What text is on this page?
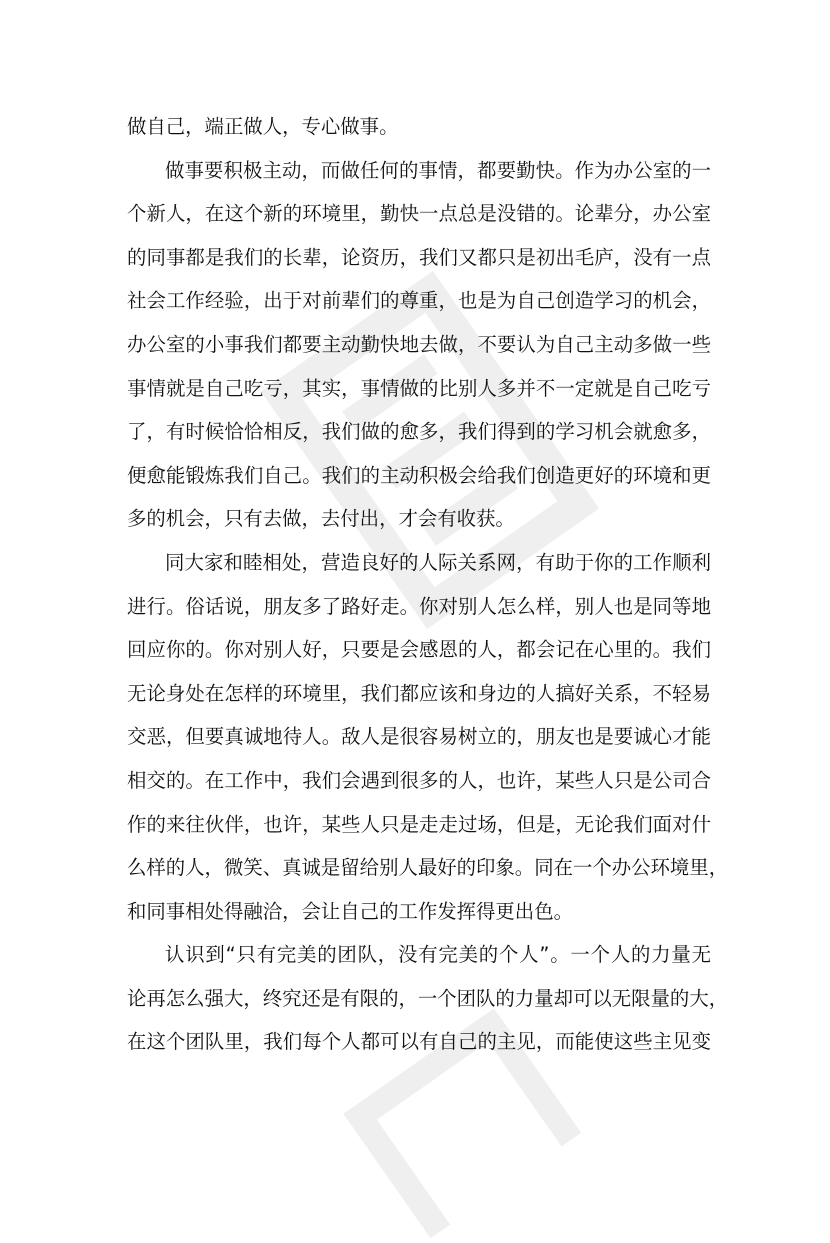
做自己，端正做人，专心做事。
做事要积极主动，而做任何的事情，都要勤快。作为办公室的一
个新人，在这个新的环境里，勤快一点总是没错的。论辈分，办公室
的同事都是我们的长辈，论资历，我们又都只是初出毛庐，没有一点
社会工作经验，出于对前辈们的尊重，也是为自己创造学习的机会，
办公室的小事我们都要主动勤快地去做，不要认为自己主动多做一些
事情就是自己吃亏，其实，事情做的比别人多并不一定就是自己吃亏
了，有时候恰恰相反，我们做的愈多，我们得到的学习机会就愈多，
便愈能锻炼我们自己。我们的主动积极会给我们创造更好的环境和更
多的机会，只有去做，去付出，才会有收获。
同大家和睦相处，营造良好的人际关系网，有助于你的工作顺利
进行。俗话说，朋友多了路好走。你对别人怎么样，别人也是同等地
回应你的。你对别人好，只要是会感恩的人，都会记在心里的。我们
无论身处在怎样的环境里，我们都应该和身边的人搞好关系，不轻易
交恶，但要真诚地待人。敌人是很容易树立的，朋友也是要诚心才能
相交的。在工作中，我们会遇到很多的人，也许，某些人只是公司合
作的来往伙伴，也许，某些人只是走走过场，但是，无论我们面对什
么样的人，微笑、真诚是留给别人最好的印象。同在一个办公环境里，
和同事相处得融洽，会让自己的工作发挥得更出色。
认识到“只有完美的团队，没有完美的个人”。一个人的力量无
论再怎么强大，终究还是有限的，一个团队的力量却可以无限量的大，
在这个团队里，我们每个人都可以有自己的主见，而能使这些主见变
